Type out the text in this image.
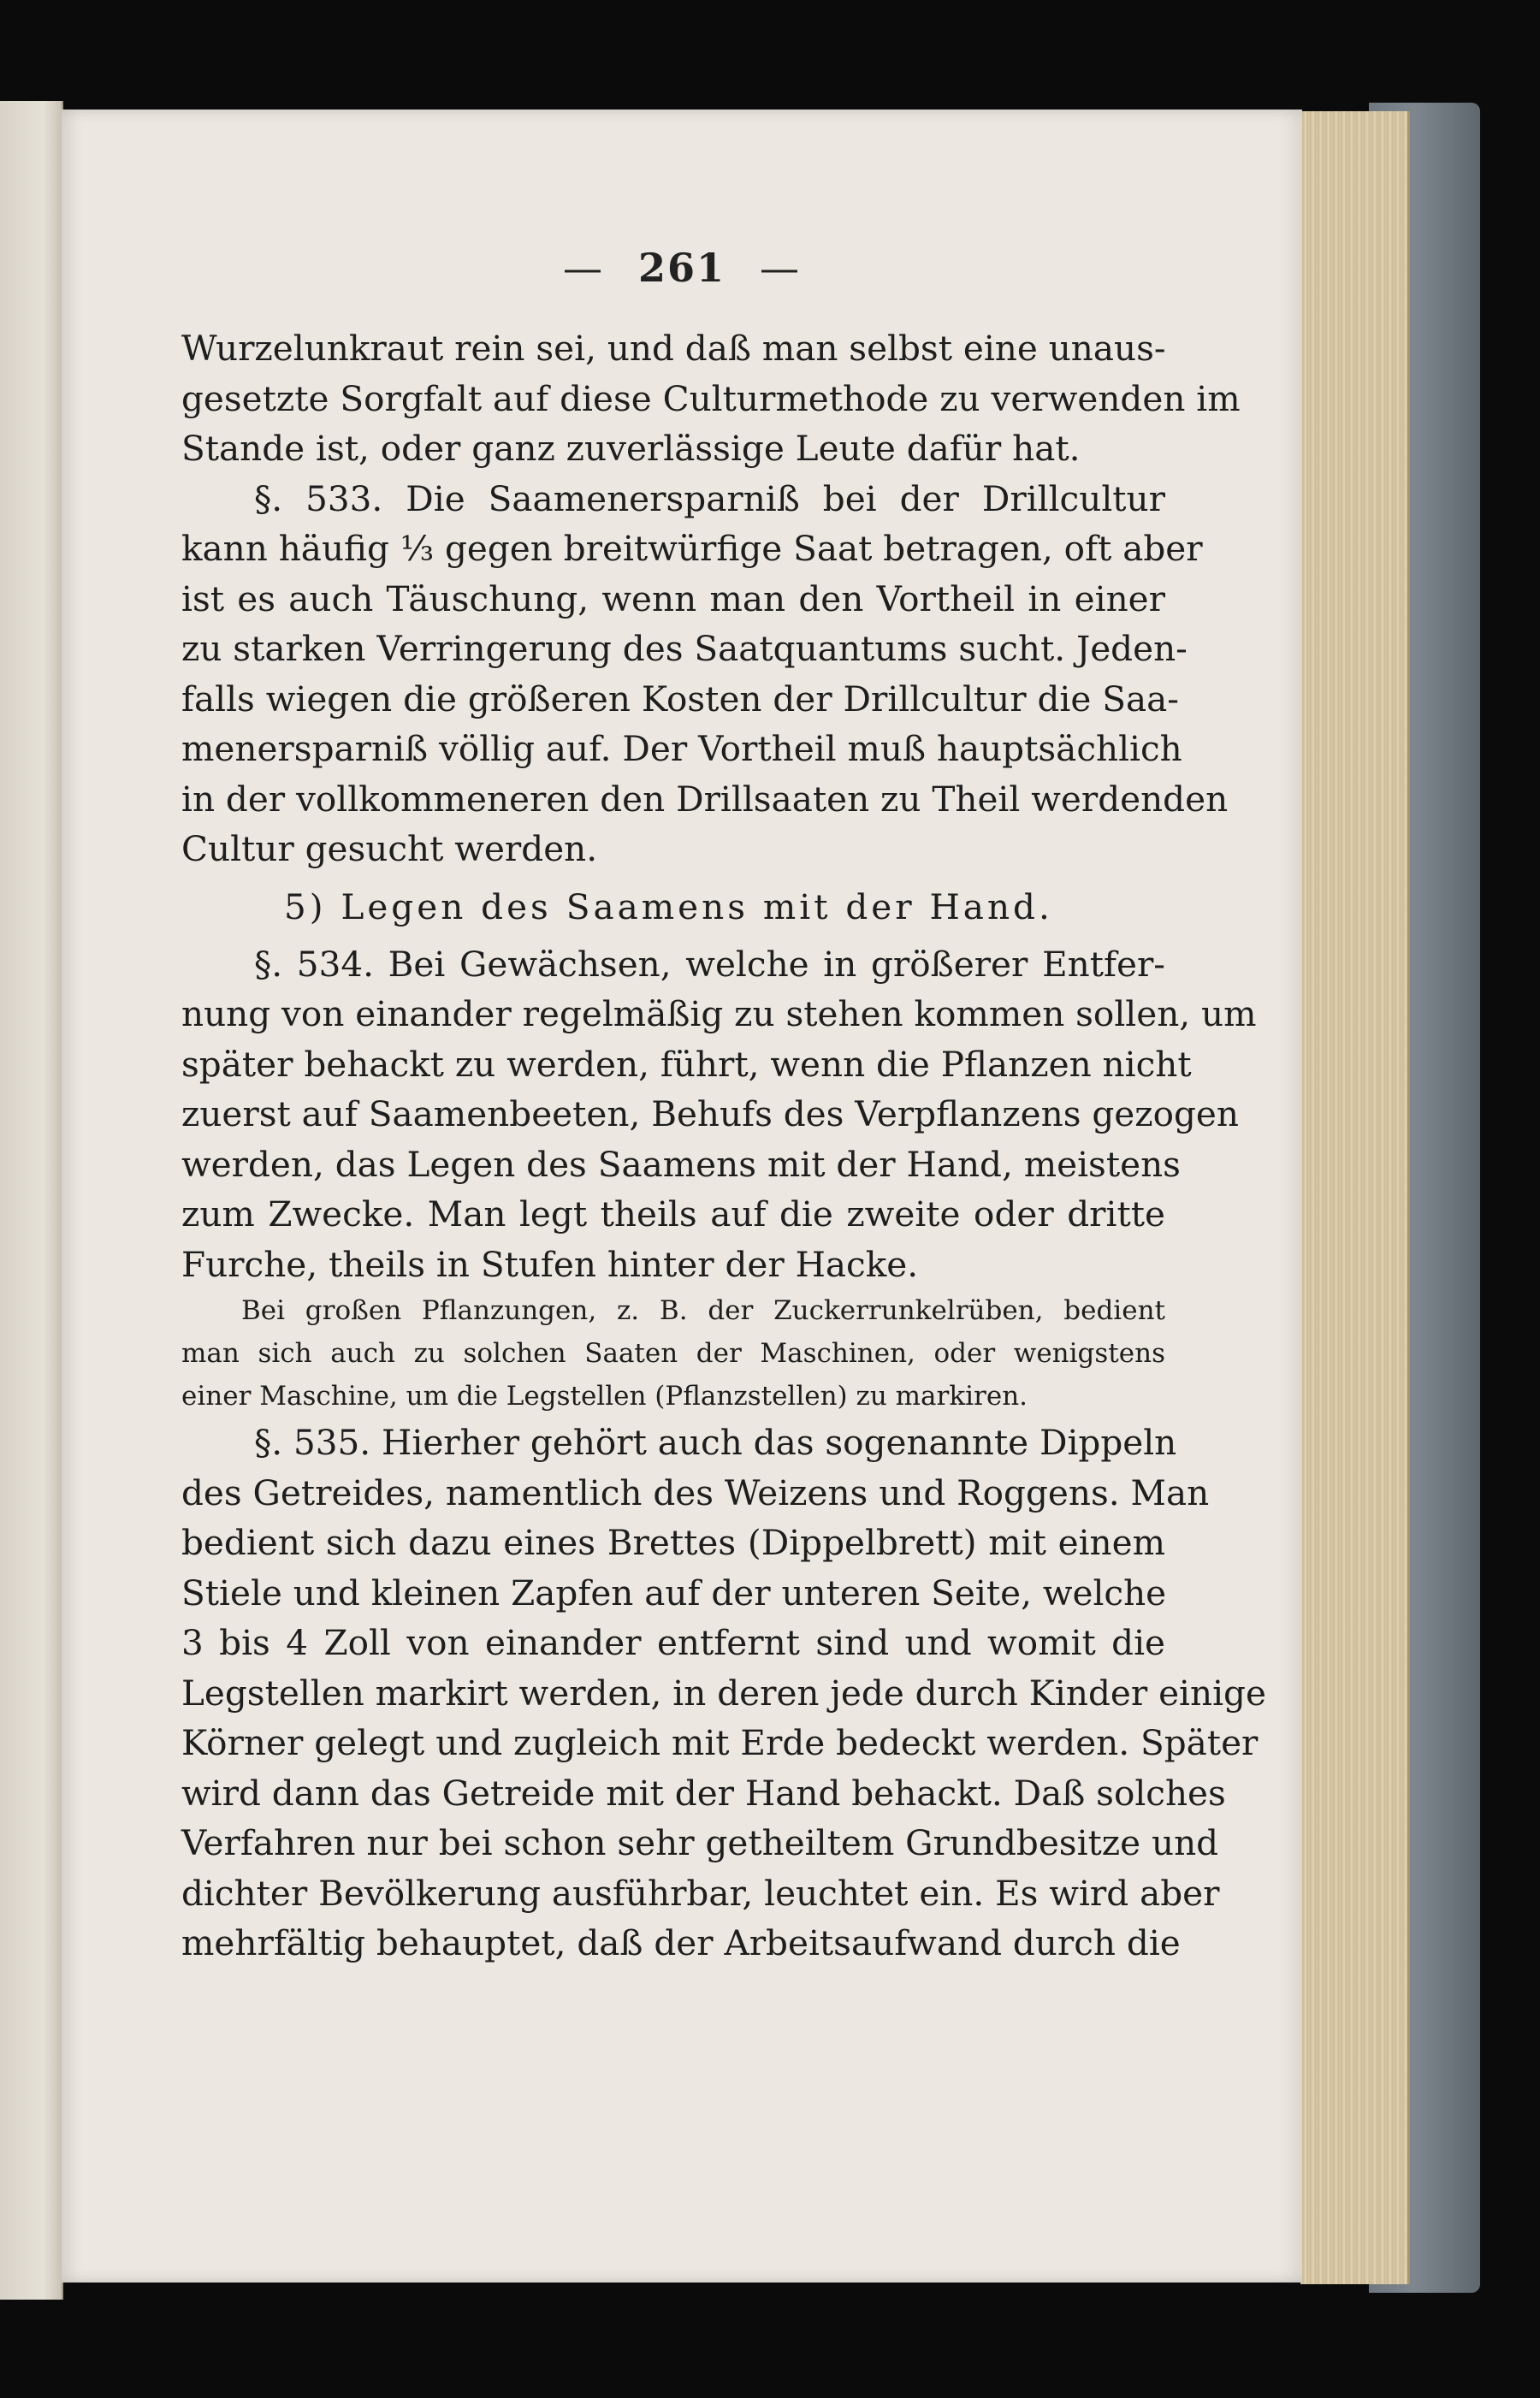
— 261 —
Wurzelunkraut rein sei, und daß man selbst eine unaus-
gesetzte Sorgfalt auf diese Culturmethode zu verwenden im
Stande ist, oder ganz zuverlässige Leute dafür hat.
§. 533. Die Saamenersparniß bei der Drillcultur
kann häufig ⅓ gegen breitwürfige Saat betragen, oft aber
ist es auch Täuschung, wenn man den Vortheil in einer
zu starken Verringerung des Saatquantums sucht. Jeden-
falls wiegen die größeren Kosten der Drillcultur die Saa-
menersparniß völlig auf. Der Vortheil muß hauptsächlich
in der vollkommeneren den Drillsaaten zu Theil werdenden
Cultur gesucht werden.
5) Legen des Saamens mit der Hand.
§. 534. Bei Gewächsen, welche in größerer Entfer-
nung von einander regelmäßig zu stehen kommen sollen, um
später behackt zu werden, führt, wenn die Pflanzen nicht
zuerst auf Saamenbeeten, Behufs des Verpflanzens gezogen
werden, das Legen des Saamens mit der Hand, meistens
zum Zwecke. Man legt theils auf die zweite oder dritte
Furche, theils in Stufen hinter der Hacke.
Bei großen Pflanzungen, z. B. der Zuckerrunkelrüben, bedient
man sich auch zu solchen Saaten der Maschinen, oder wenigstens
einer Maschine, um die Legstellen (Pflanzstellen) zu markiren.
§. 535. Hierher gehört auch das sogenannte Dippeln
des Getreides, namentlich des Weizens und Roggens. Man
bedient sich dazu eines Brettes (Dippelbrett) mit einem
Stiele und kleinen Zapfen auf der unteren Seite, welche
3 bis 4 Zoll von einander entfernt sind und womit die
Legstellen markirt werden, in deren jede durch Kinder einige
Körner gelegt und zugleich mit Erde bedeckt werden. Später
wird dann das Getreide mit der Hand behackt. Daß solches
Verfahren nur bei schon sehr getheiltem Grundbesitze und
dichter Bevölkerung ausführbar, leuchtet ein. Es wird aber
mehrfältig behauptet, daß der Arbeitsaufwand durch die
